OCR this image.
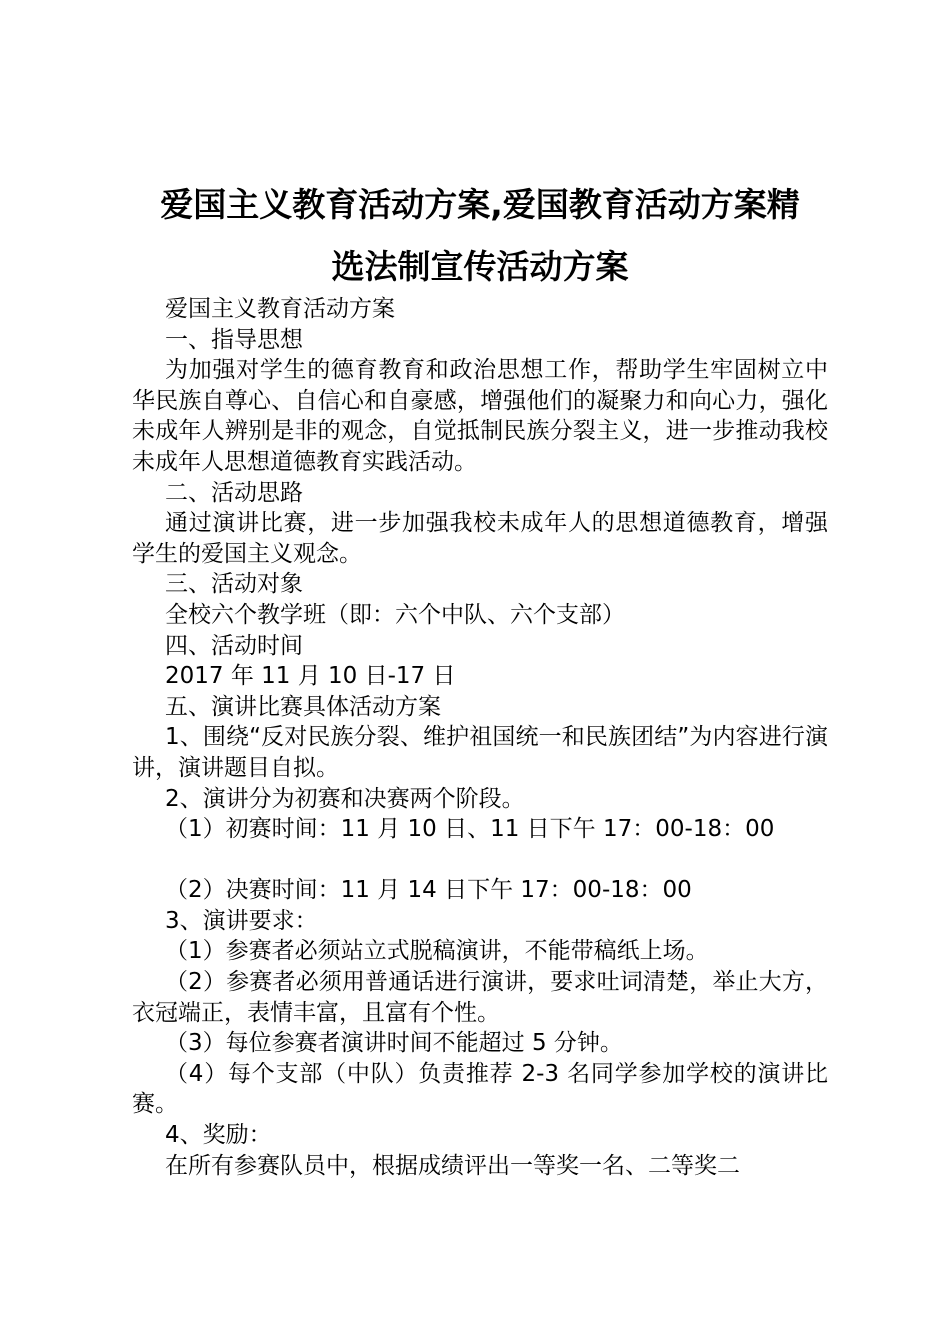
爱国主义教育活动方案,爱国教育活动方案精
选法制宣传活动方案

爱国主义教育活动方案

一、指导思想

为加强对学生的德育教育和政治思想工作，帮助学生牢固树立中华民族自尊心、自信心和自豪感，增强他们的凝聚力和向心力，强化未成年人辨别是非的观念，自觉抵制民族分裂主义，进一步推动我校未成年人思想道德教育实践活动。

二、活动思路

通过演讲比赛，进一步加强我校未成年人的思想道德教育，增强学生的爱国主义观念。

三、活动对象

全校六个教学班（即：六个中队、六个支部）

四、活动时间

2017 年 11 月 10 日-17 日

五、演讲比赛具体活动方案

1、围绕“反对民族分裂、维护祖国统一和民族团结”为内容进行演讲，演讲题目自拟。

2、演讲分为初赛和决赛两个阶段。

（1）初赛时间：11 月 10 日、11 日下午 17：00-18：00

（2）决赛时间：11 月 14 日下午 17：00-18：00

3、演讲要求：

（1）参赛者必须站立式脱稿演讲，不能带稿纸上场。

（2）参赛者必须用普通话进行演讲，要求吐词清楚，举止大方，衣冠端正，表情丰富，且富有个性。

（3）每位参赛者演讲时间不能超过 5 分钟。

（4）每个支部（中队）负责推荐 2-3 名同学参加学校的演讲比赛。

4、奖励：

在所有参赛队员中，根据成绩评出一等奖一名、二等奖二
